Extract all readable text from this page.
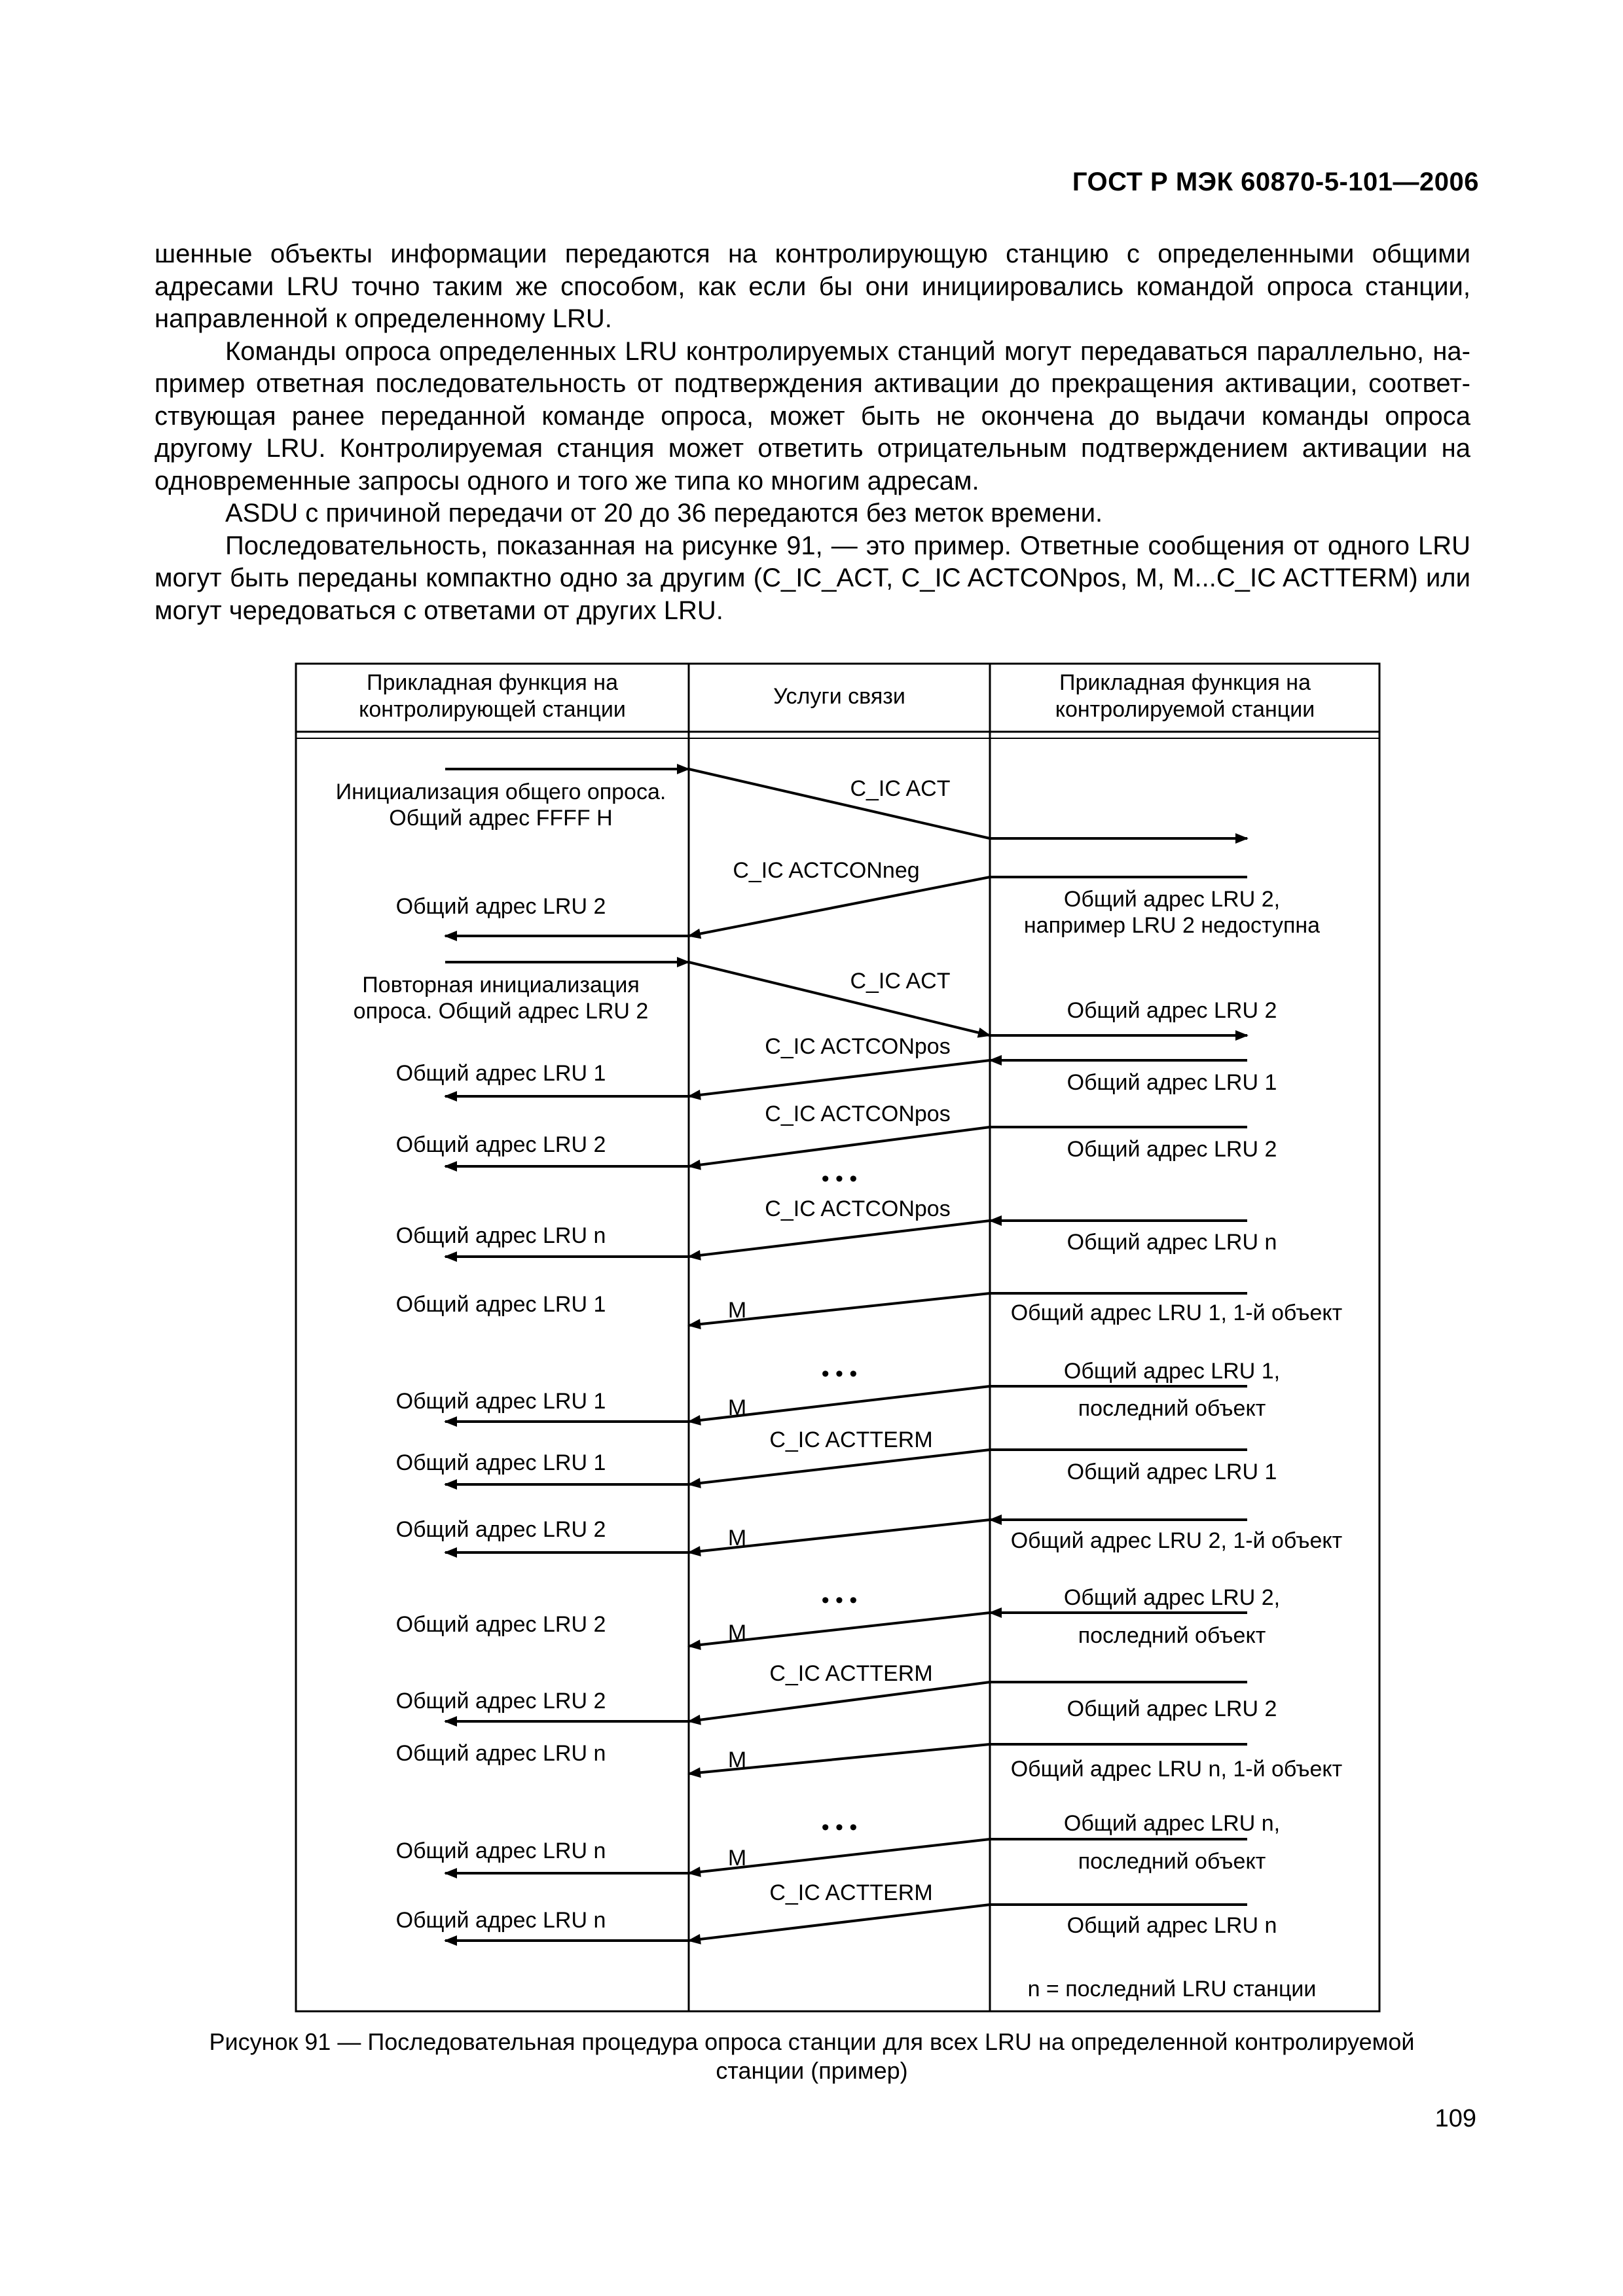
ГОСТ Р МЭК 60870-5-101—2006

шенные объекты информации передаются на контролирующую станцию с определенными общими адресами LRU точно таким же способом, как если бы они инициировались командой опроса станции, направленной к определенному LRU.

Команды опроса определенных LRU контролируемых станций могут передаваться параллельно, например ответная последовательность от подтверждения активации до прекращения активации, соответствующая ранее переданной команде опроса, может быть не окончена до выдачи команды опроса другому LRU. Контролируемая станция может ответить отрицательным подтверждением активации на одновременные запросы одного и того же типа ко многим адресам.

ASDU с причиной передачи от 20 до 36 передаются без меток времени.

Последовательность, показанная на рисунке 91, — это пример. Ответные сообщения от одного LRU могут быть переданы компактно одно за другим (C_IC_ACT, C_IC ACTCONpos, M, M...C_IC ACTTERM) или могут чередоваться с ответами от других LRU.

Прикладная функция на
контролирующей станции
Услуги связи
Прикладная функция на
контролируемой станции
Инициализация общего опроса.
Общий адрес FFFF H
Общий адрес LRU 2
Повторная инициализация
опроса. Общий адрес LRU 2
Общий адрес LRU 1
Общий адрес LRU 2
Общий адрес LRU n
Общий адрес LRU 1
Общий адрес LRU 1
Общий адрес LRU 1
Общий адрес LRU 2
Общий адрес LRU 2
Общий адрес LRU 2
Общий адрес LRU n
Общий адрес LRU n
Общий адрес LRU n
C_IC ACT
C_IC ACTCONneg
C_IC ACT
C_IC ACTCONpos
C_IC ACTCONpos
• • •
C_IC ACTCONpos
M
• • •
M
C_IC ACTTERM
M
• • •
M
C_IC ACTTERM
M
• • •
M
C_IC ACTTERM
Общий адрес LRU 2,
например LRU 2 недоступна
Общий адрес LRU 2
Общий адрес LRU 1
Общий адрес LRU 2
Общий адрес LRU n
Общий адрес LRU 1, 1-й объект
Общий адрес LRU 1,
последний объект
Общий адрес LRU 1
Общий адрес LRU 2, 1-й объект
Общий адрес LRU 2,
последний объект
Общий адрес LRU 2
Общий адрес LRU n, 1-й объект
Общий адрес LRU n,
последний объект
Общий адрес LRU n
n = последний LRU станции
Рисунок 91 — Последовательная процедура опроса станции для всех LRU на определенной контролируемой станции (пример)
109
